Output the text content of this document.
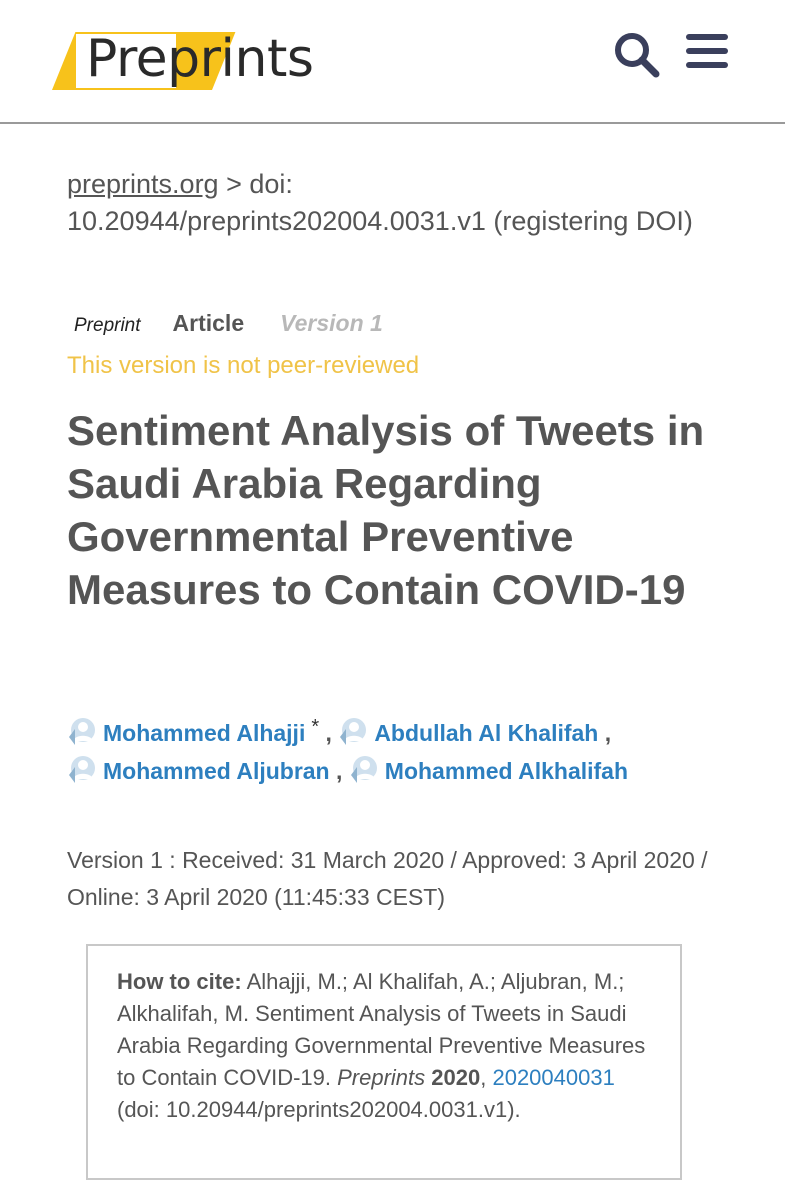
Preprints
preprints.org > doi: 10.20944/preprints202004.0031.v1 (registering DOI)
Preprint Article Version 1
This version is not peer-reviewed
Sentiment Analysis of Tweets in Saudi Arabia Regarding Governmental Preventive Measures to Contain COVID-19
Mohammed Alhajji * , Abdullah Al Khalifah ,
Mohammed Aljubran , Mohammed Alkhalifah
Version 1 : Received: 31 March 2020 / Approved: 3 April 2020 / Online: 3 April 2020 (11:45:33 CEST)
How to cite: Alhajji, M.; Al Khalifah, A.; Aljubran, M.; Alkhalifah, M. Sentiment Analysis of Tweets in Saudi Arabia Regarding Governmental Preventive Measures to Contain COVID-19. Preprints 2020, 2020040031
(doi: 10.20944/preprints202004.0031.v1).
